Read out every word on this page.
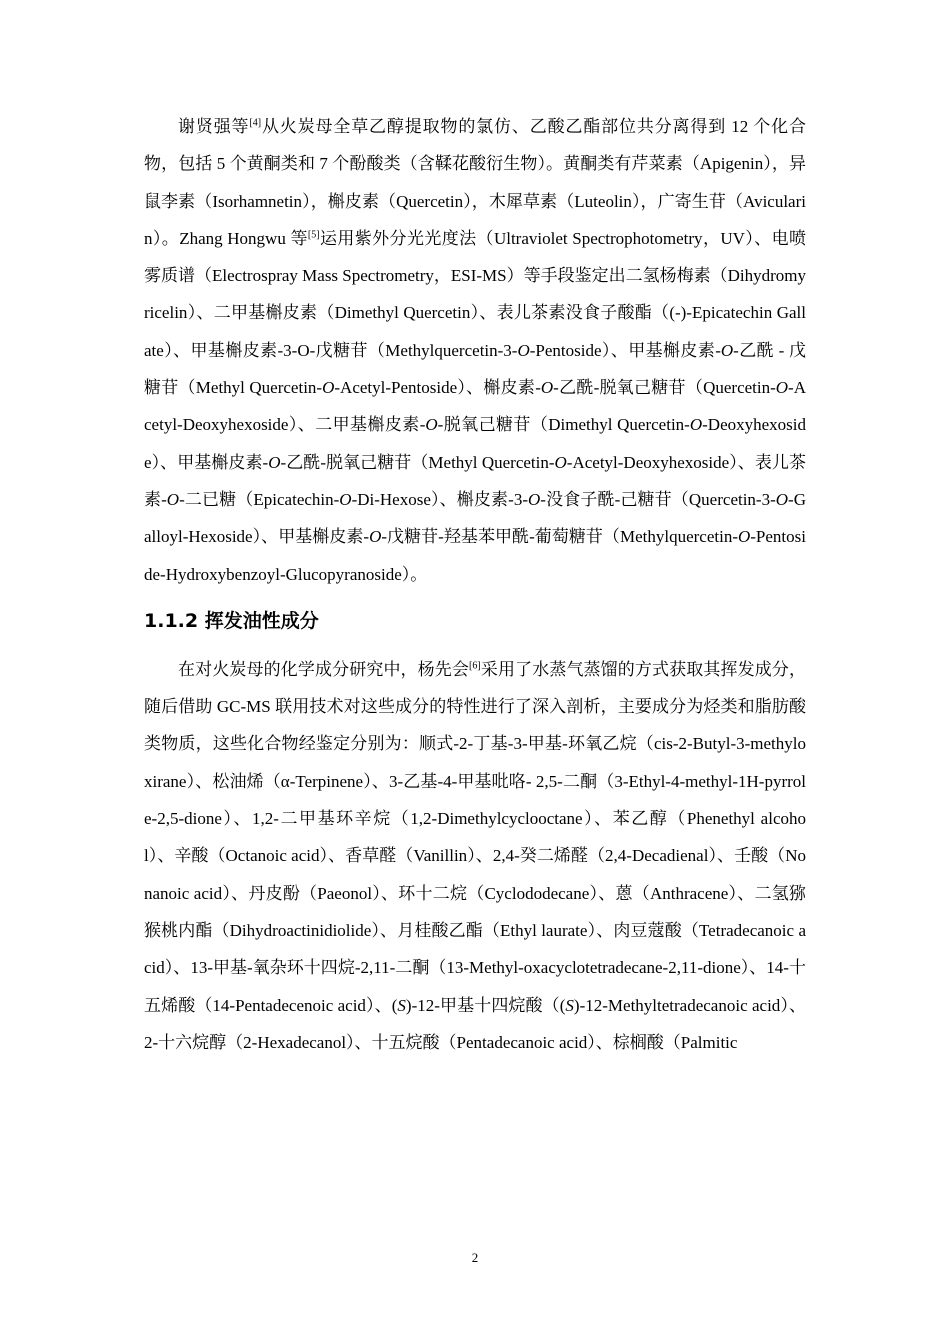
谢贤强等[4]从火炭母全草乙醇提取物的氯仿、乙酸乙酯部位共分离得到 12 个化合物，包括 5 个黄酮类和 7 个酚酸类（含鞣花酸衍生物）。黄酮类有芹菜素（Apigenin），异鼠李素（Isorhamnetin），槲皮素（Quercetin），木犀草素（Luteolin），广寄生苷（Avicularin）。Zhang Hongwu 等[5]运用紫外分光光度法（Ultraviolet Spectrophotometry，UV）、电喷雾质谱（Electrospray Mass Spectrometry，ESI-MS）等手段鉴定出二氢杨梅素（Dihydromyricelin）、二甲基槲皮素（Dimethyl Quercetin）、表儿茶素没食子酸酯（(-)-Epicatechin Gallate）、甲基槲皮素-3-O-戊糖苷（Methylquercetin-3-O-Pentoside）、甲基槲皮素-O-乙酰 - 戊糖苷（Methyl Quercetin-O-Acetyl-Pentoside）、槲皮素-O-乙酰-脱氧己糖苷（Quercetin-O-Acetyl-Deoxyhexoside）、二甲基槲皮素-O-脱氧己糖苷（Dimethyl Quercetin-O-Deoxyhexoside）、甲基槲皮素-O-乙酰-脱氧己糖苷（Methyl Quercetin-O-Acetyl-Deoxyhexoside）、表儿茶素-O-二已糖（Epicatechin-O-Di-Hexose）、槲皮素-3-O-没食子酰-己糖苷（Quercetin-3-O-Galloyl-Hexoside）、甲基槲皮素-O-戊糖苷-羟基苯甲酰-葡萄糖苷（Methylquercetin-O-Pentoside-Hydroxybenzoyl-Glucopyranoside）。

1.1.2 挥发油性成分

在对火炭母的化学成分研究中，杨先会[6]采用了水蒸气蒸馏的方式获取其挥发成分，随后借助 GC-MS 联用技术对这些成分的特性进行了深入剖析，主要成分为烃类和脂肪酸类物质，这些化合物经鉴定分别为：顺式-2-丁基-3-甲基-环氧乙烷（cis-2-Butyl-3-methyloxirane）、松油烯（α-Terpinene）、3-乙基-4-甲基吡咯- 2,5-二酮（3-Ethyl-4-methyl-1H-pyrrole-2,5-dione）、1,2-二甲基环辛烷（1,2-Dimethylcyclooctane）、苯乙醇（Phenethyl alcohol）、辛酸（Octanoic acid）、香草醛（Vanillin）、2,4-癸二烯醛（2,4-Decadienal）、壬酸（Nonanoic acid）、丹皮酚（Paeonol）、环十二烷（Cyclododecane）、蒽（Anthracene）、二氢猕猴桃内酯（Dihydroactinidiolide）、月桂酸乙酯（Ethyl laurate）、肉豆蔻酸（Tetradecanoic acid）、13-甲基-氧杂环十四烷-2,11-二酮（13-Methyl-oxacyclotetradecane-2,11-dione）、14-十五烯酸（14-Pentadecenoic acid）、(S)-12-甲基十四烷酸（(S)-12-Methyltetradecanoic acid）、2-十六烷醇（2-Hexadecanol）、十五烷酸（Pentadecanoic acid）、棕榈酸（Palmitic

2
